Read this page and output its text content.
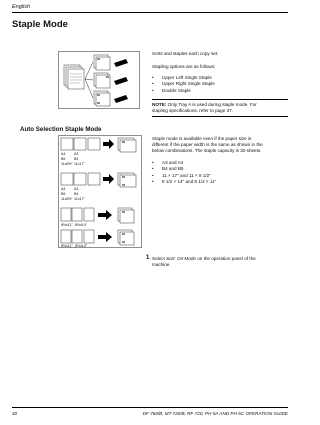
English
Staple Mode
Sorts and staples each copy set.
Stapling options are as follows:
• Upper Left Single Staple
• Upper Right Single Staple
• Double Staple
NOTE: Only Tray A is used during staple mode. For
stapling specifications, refer to page 37.
Auto Selection Staple Mode
A4 A3
B5 B4
11x8½" 11x17"
A4 A3
B5 B4
11x8½" 11x17"
8½x11" 8½x14"
8½x11" 8½x14"
Staple mode is available even if the paper size is
different if the paper width is the same as shown in the
below combinations. The staple capacity is 30 sheets.
• A3 and A4
• B4 and B5
• 11 × 17" and 11 × 8 1/2"
• 8 1/2 × 14" and 8 1/2 × 11"
1 Select Sort: On Mode on the operation panel of the
machine.
40	DF-760/B, MT-720/B, RF-720, PH-5A AND PH-5C OPERATION GUIDE
